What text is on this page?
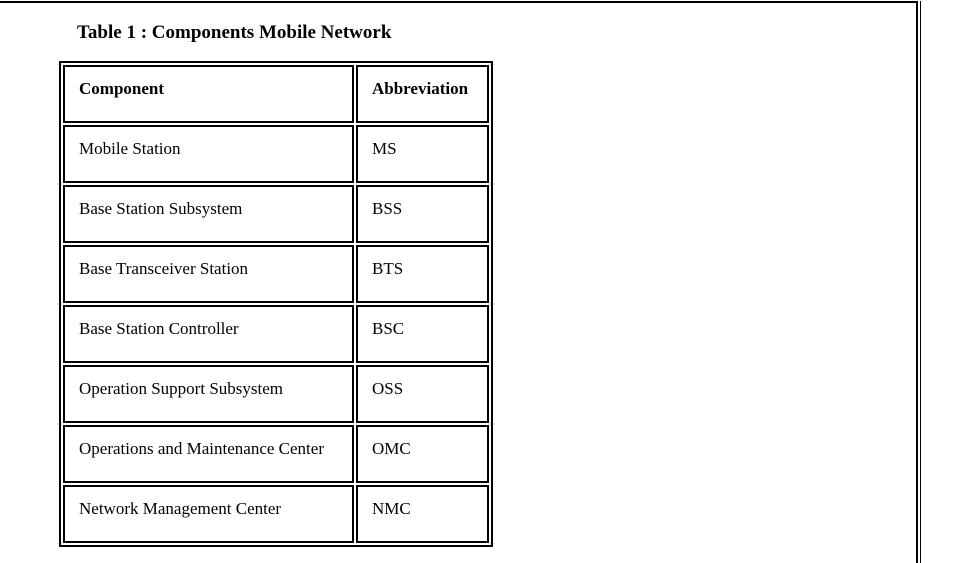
Table 1 : Components Mobile Network
Component	Abbreviation
Mobile Station	MS
Base Station Subsystem	BSS
Base Transceiver Station	BTS
Base Station Controller	BSC
Operation Support Subsystem	OSS
Operations and Maintenance Center	OMC
Network Management Center	NMC
